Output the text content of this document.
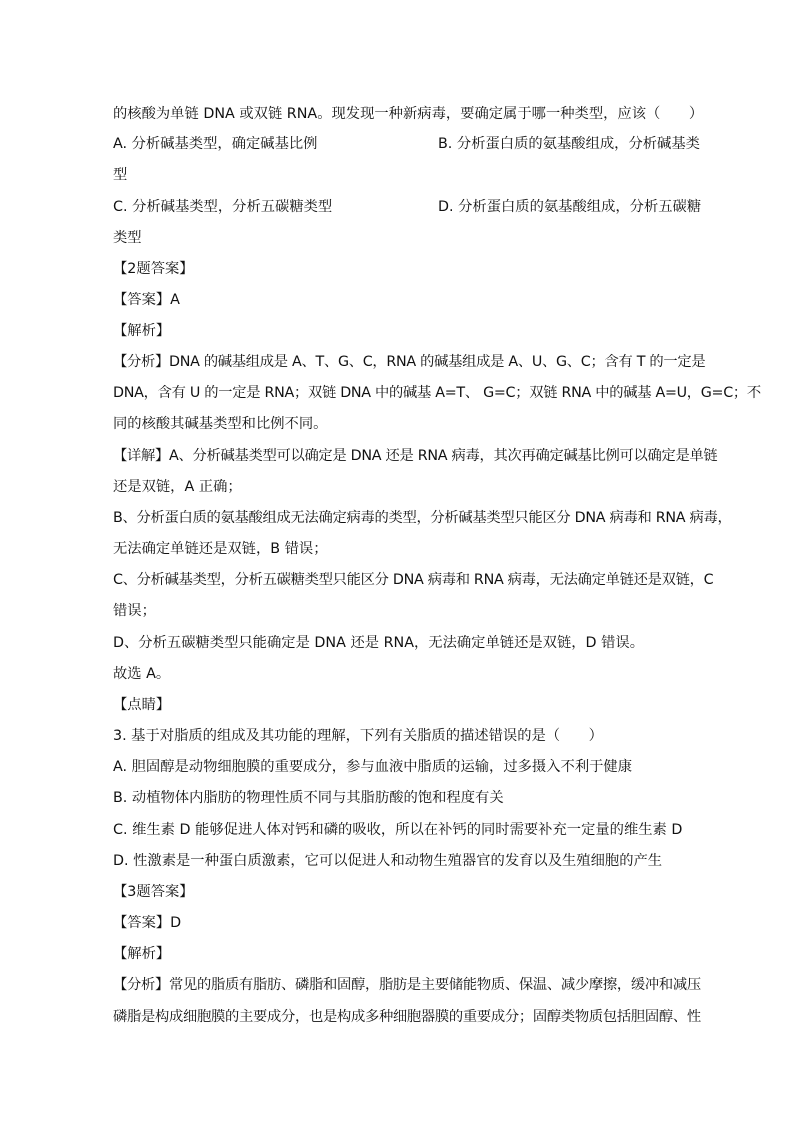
的核酸为单链 DNA 或双链 RNA。现发现一种新病毒，要确定属于哪一种类型，应该（　　）
A. 分析碱基类型，确定碱基比例	B. 分析蛋白质的氨基酸组成，分析碱基类
型
C. 分析碱基类型，分析五碳糖类型	D. 分析蛋白质的氨基酸组成，分析五碳糖
类型
【2题答案】
【答案】A
【解析】
【分析】DNA 的碱基组成是 A、T、G、C，RNA 的碱基组成是 A、U、G、C；含有 T 的一定是
DNA，含有 U 的一定是 RNA；双链 DNA 中的碱基 A=T、 G=C；双链 RNA 中的碱基 A=U，G=C；不
同的核酸其碱基类型和比例不同。
【详解】A、分析碱基类型可以确定是 DNA 还是 RNA 病毒，其次再确定碱基比例可以确定是单链
还是双链，A 正确；
B、分析蛋白质的氨基酸组成无法确定病毒的类型，分析碱基类型只能区分 DNA 病毒和 RNA 病毒，
无法确定单链还是双链，B 错误；
C、分析碱基类型，分析五碳糖类型只能区分 DNA 病毒和 RNA 病毒，无法确定单链还是双链，C
错误；
D、分析五碳糖类型只能确定是 DNA 还是 RNA，无法确定单链还是双链，D 错误。
故选 A。
【点睛】
3. 基于对脂质的组成及其功能的理解，下列有关脂质的描述错误的是（　　）
A. 胆固醇是动物细胞膜的重要成分，参与血液中脂质的运输，过多摄入不利于健康
B. 动植物体内脂肪的物理性质不同与其脂肪酸的饱和程度有关
C. 维生素 D 能够促进人体对钙和磷的吸收，所以在补钙的同时需要补充一定量的维生素 D
D. 性激素是一种蛋白质激素，它可以促进人和动物生殖器官的发育以及生殖细胞的产生
【3题答案】
【答案】D
【解析】
【分析】常见的脂质有脂肪、磷脂和固醇，脂肪是主要储能物质、保温、减少摩擦，缓冲和减压
磷脂是构成细胞膜的主要成分，也是构成多种细胞器膜的重要成分；固醇类物质包括胆固醇、性
